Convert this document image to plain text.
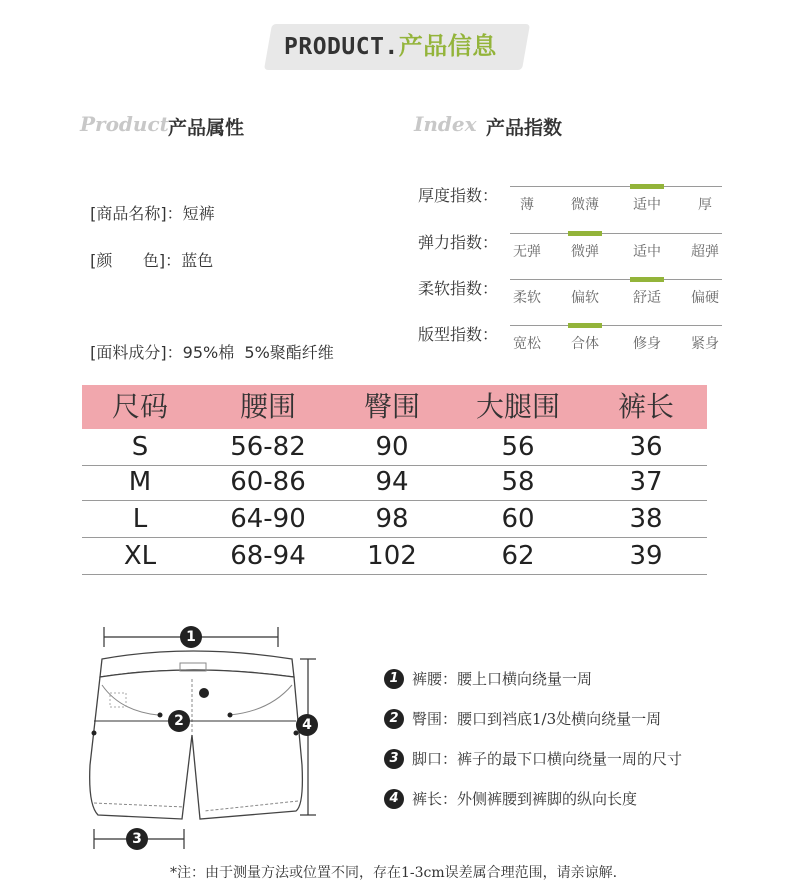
PRODUCT.产品信息
Product 产品属性

[商品名称]：短裤

[颜      色]：蓝色

[面料成分]：95%棉  5%聚酯纤维

Index 产品指数
厚度指数：	薄	微薄	适中	厚
弹力指数：	无弹	微弹	适中	超弹
柔软指数：	柔软	偏软	舒适	偏硬
版型指数：	宽松	合体	修身	紧身
尺码	腰围	臀围	大腿围	裤长
S	56-82	90	56	36
M	60-86	94	58	37
L	64-90	98	60	38
XL	68-94	102	62	39
1
2	4
3
1 裤腰：腰上口横向绕量一周
2 臀围：腰口到裆底1/3处横向绕量一周
3 脚口：裤子的最下口横向绕量一周的尺寸
4 裤长：外侧裤腰到裤脚的纵向长度
*注：由于测量方法或位置不同，存在1-3cm误差属合理范围，请亲谅解.
